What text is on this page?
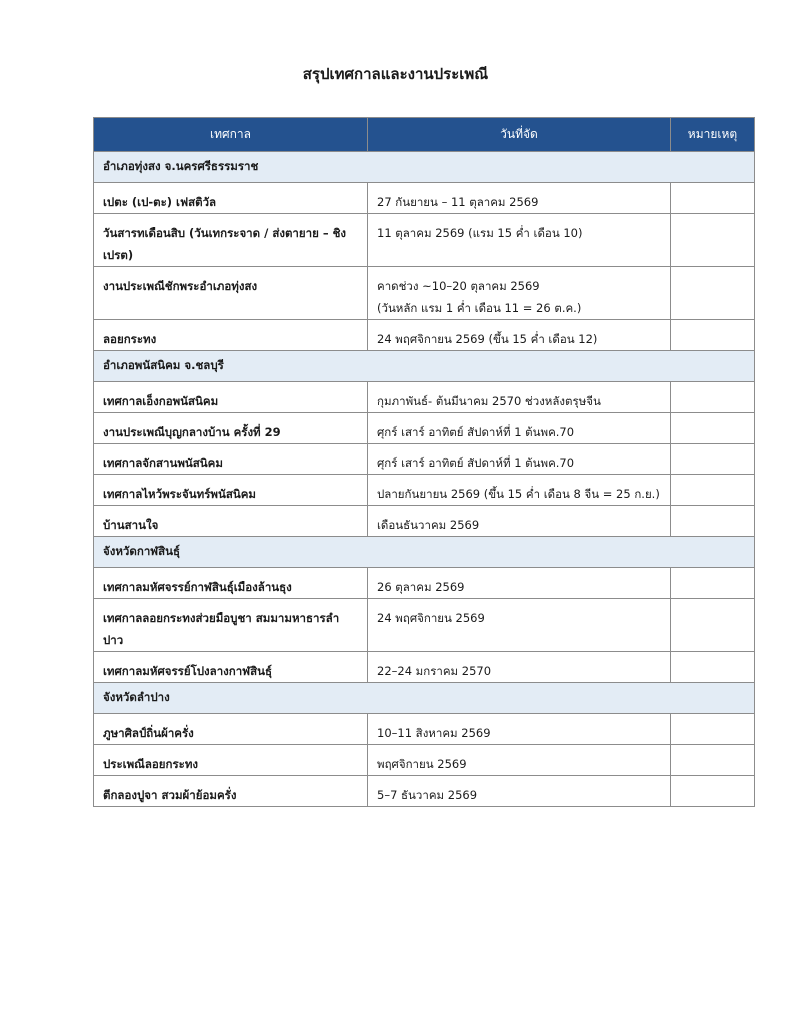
สรุปเทศกาลและงานประเพณี
เทศกาล	วันที่จัด	หมายเหตุ
อำเภอทุ่งสง จ.นครศรีธรรมราช		
เปตะ (เป-ตะ) เฟสติวัล	27 กันยายน – 11 ตุลาคม 2569	
วันสารทเดือนสิบ (วันเทกระจาด / ส่งตายาย – ชิงเปรต)	11 ตุลาคม 2569 (แรม 15 ค่ำ เดือน 10)	
งานประเพณีชักพระอำเภอทุ่งสง	คาดช่วง ~10–20 ตุลาคม 2569
(วันหลัก แรม 1 ค่ำ เดือน 11 = 26 ต.ค.)	

ลอยกระทง	24 พฤศจิกายน 2569 (ขึ้น 15 ค่ำ เดือน 12)	
อำเภอพนัสนิคม จ.ชลบุรี		
เทศกาลเอ็งกอพนัสนิคม	กุมภาพันธ์- ต้นมีนาคม 2570 ช่วงหลังตรุษจีน	
งานประเพณีบุญกลางบ้าน ครั้งที่ 29	ศุกร์ เสาร์ อาทิตย์ สัปดาห์ที่ 1 ต้นพค.70	
เทศกาลจักสานพนัสนิคม	ศุกร์ เสาร์ อาทิตย์ สัปดาห์ที่ 1 ต้นพค.70	
เทศกาลไหว้พระจันทร์พนัสนิคม	ปลายกันยายน 2569 (ขึ้น 15 ค่ำ เดือน 8 จีน = 25 ก.ย.)	
บ้านสานใจ	เดือนธันวาคม 2569	
จังหวัดกาฬสินธุ์		
เทศกาลมหัศจรรย์กาฬสินธุ์เมืองล้านธุง	26 ตุลาคม 2569	
เทศกาลลอยกระทงส่วยมือบูชา สมมามหาธารลำปาว	24 พฤศจิกายน 2569	
เทศกาลมหัศจรรย์โปงลางกาฬสินธุ์	22–24 มกราคม 2570	
จังหวัดลำปาง		
ภูษาศิลป์ถิ่นผ้าครั่ง	10–11 สิงหาคม 2569	
ประเพณีลอยกระทง	พฤศจิกายน 2569	
ตีกลองปูจา สวมผ้าย้อมครั่ง	5–7 ธันวาคม 2569	
